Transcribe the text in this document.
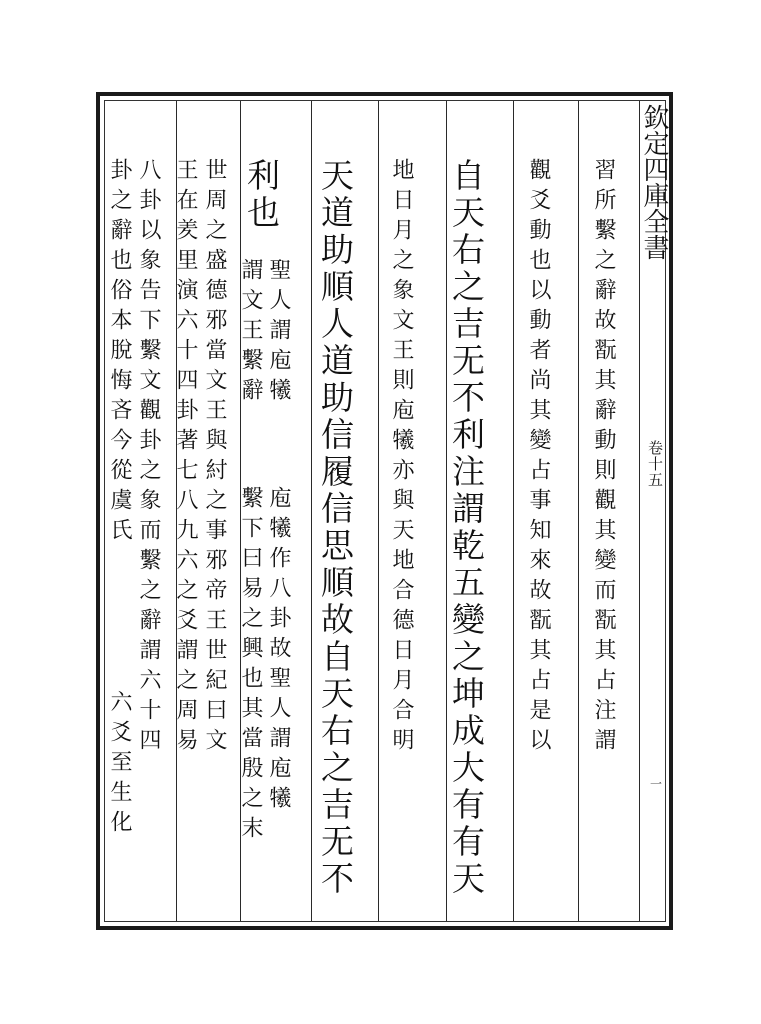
欽定四庫全書
卷十五
一
習所繫之辭故翫其辭動則觀其變而翫其占注謂
觀爻動也以動者尚其變占事知來故翫其占是以
自天右之吉无不利注謂乾五變之坤成大有有天
地日月之象文王則庖犧亦與天地合德日月合明
天道助順人道助信履信思順故自天右之吉无不
利也
聖人謂庖犧
謂文王繫辭
庖犧作八卦故聖人謂庖犧
繫下曰易之興也其當殷之末
世周之盛德邪當文王與紂之事邪帝王世紀曰文
王在羑里演六十四卦著七八九六之爻謂之周易
八卦以象告下繫文觀卦之象而繫之辭謂六十四
卦之辭也俗本脫悔吝今從虞氏
六爻至生化
